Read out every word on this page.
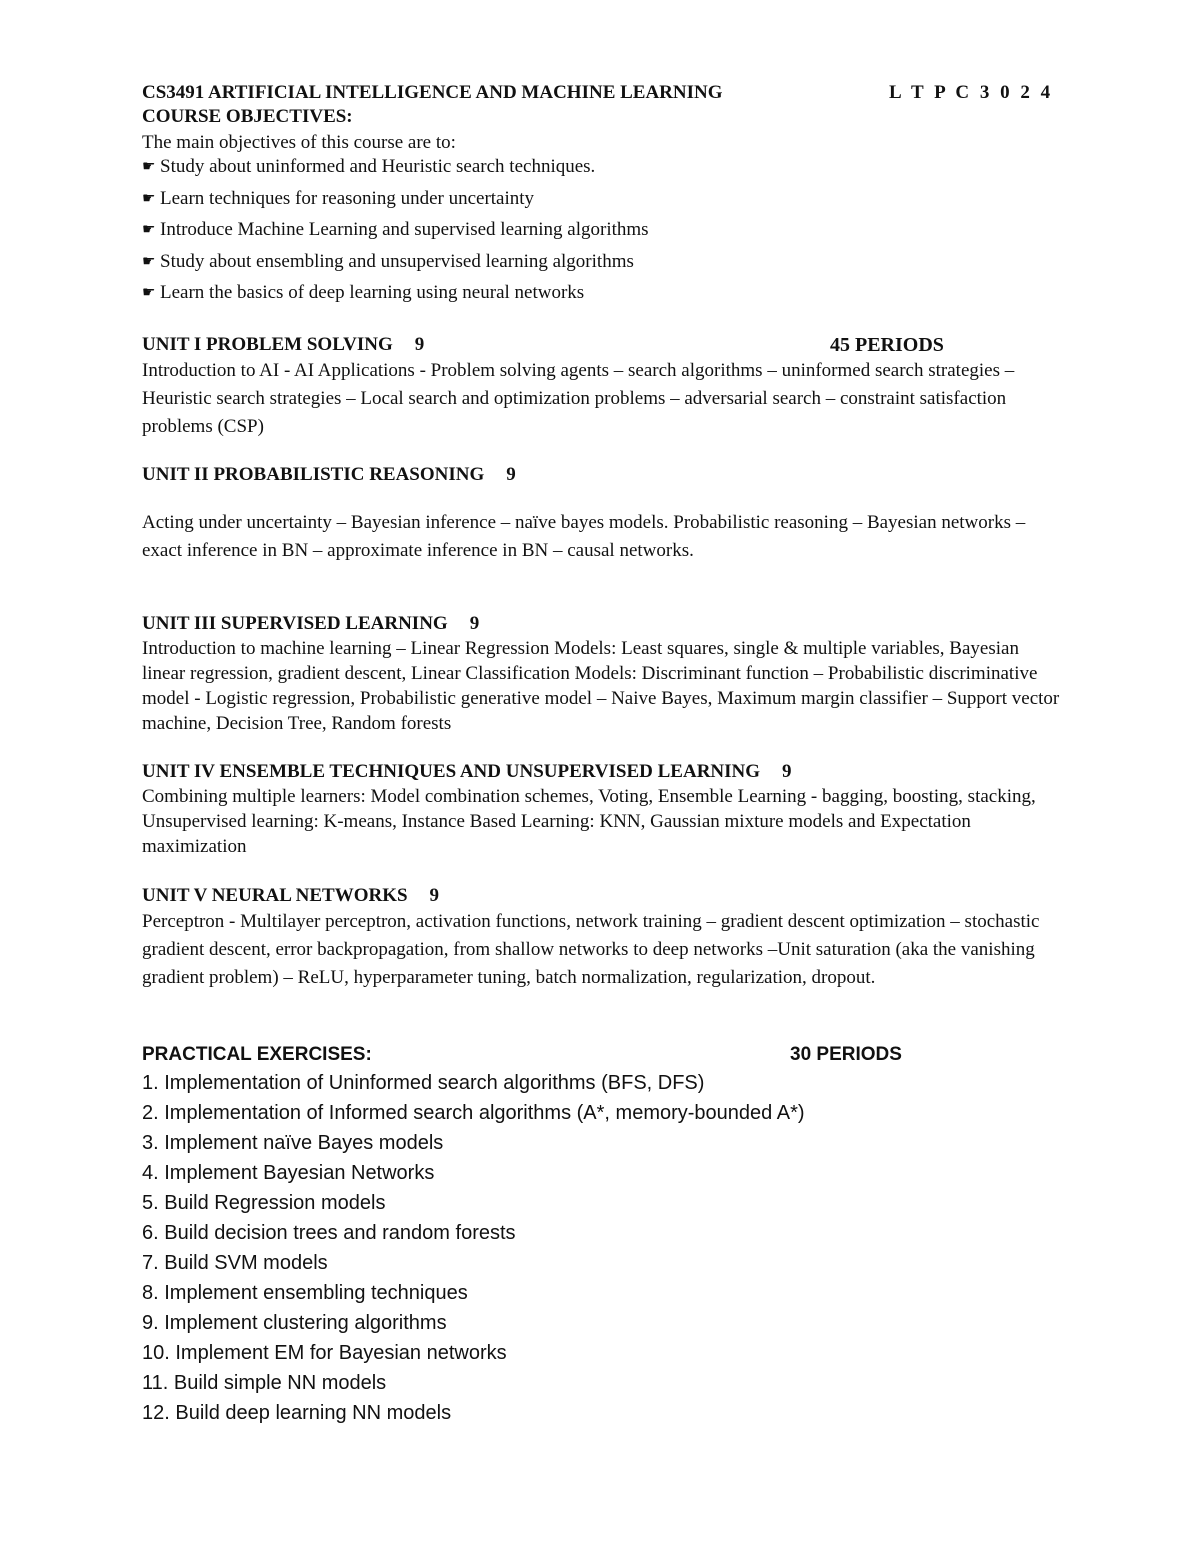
CS3491 ARTIFICIAL INTELLIGENCE AND MACHINE LEARNING	L T P C 3 0 2 4
COURSE OBJECTIVES:
The main objectives of this course are to:
☛ Study about uninformed and Heuristic search techniques.
☛ Learn techniques for reasoning under uncertainty
☛ Introduce Machine Learning and supervised learning algorithms
☛ Study about ensembling and unsupervised learning algorithms
☛ Learn the basics of deep learning using neural networks
UNIT I PROBLEM SOLVING 9	45 PERIODS

Introduction to AI - AI Applications - Problem solving agents – search algorithms – uninformed search strategies – Heuristic search strategies – Local search and optimization problems – adversarial search – constraint satisfaction problems (CSP)

UNIT II PROBABILISTIC REASONING 9

Acting under uncertainty – Bayesian inference – naïve bayes models. Probabilistic reasoning – Bayesian networks – exact inference in BN – approximate inference in BN – causal networks.

UNIT III SUPERVISED LEARNING 9

Introduction to machine learning – Linear Regression Models: Least squares, single & multiple variables, Bayesian linear regression, gradient descent, Linear Classification Models: Discriminant function – Probabilistic discriminative model - Logistic regression, Probabilistic generative model – Naive Bayes, Maximum margin classifier – Support vector machine, Decision Tree, Random forests

UNIT IV ENSEMBLE TECHNIQUES AND UNSUPERVISED LEARNING 9

Combining multiple learners: Model combination schemes, Voting, Ensemble Learning - bagging, boosting, stacking, Unsupervised learning: K-means, Instance Based Learning: KNN, Gaussian mixture models and Expectation maximization

UNIT V NEURAL NETWORKS 9

Perceptron - Multilayer perceptron, activation functions, network training – gradient descent optimization – stochastic gradient descent, error backpropagation, from shallow networks to deep networks –Unit saturation (aka the vanishing gradient problem) – ReLU, hyperparameter tuning, batch normalization, regularization, dropout.

PRACTICAL EXERCISES:	30 PERIODS
1. Implementation of Uninformed search algorithms (BFS, DFS)
2. Implementation of Informed search algorithms (A*, memory-bounded A*)
3. Implement naïve Bayes models
4. Implement Bayesian Networks
5. Build Regression models
6. Build decision trees and random forests
7. Build SVM models
8. Implement ensembling techniques
9. Implement clustering algorithms
10. Implement EM for Bayesian networks
11. Build simple NN models
12. Build deep learning NN models
